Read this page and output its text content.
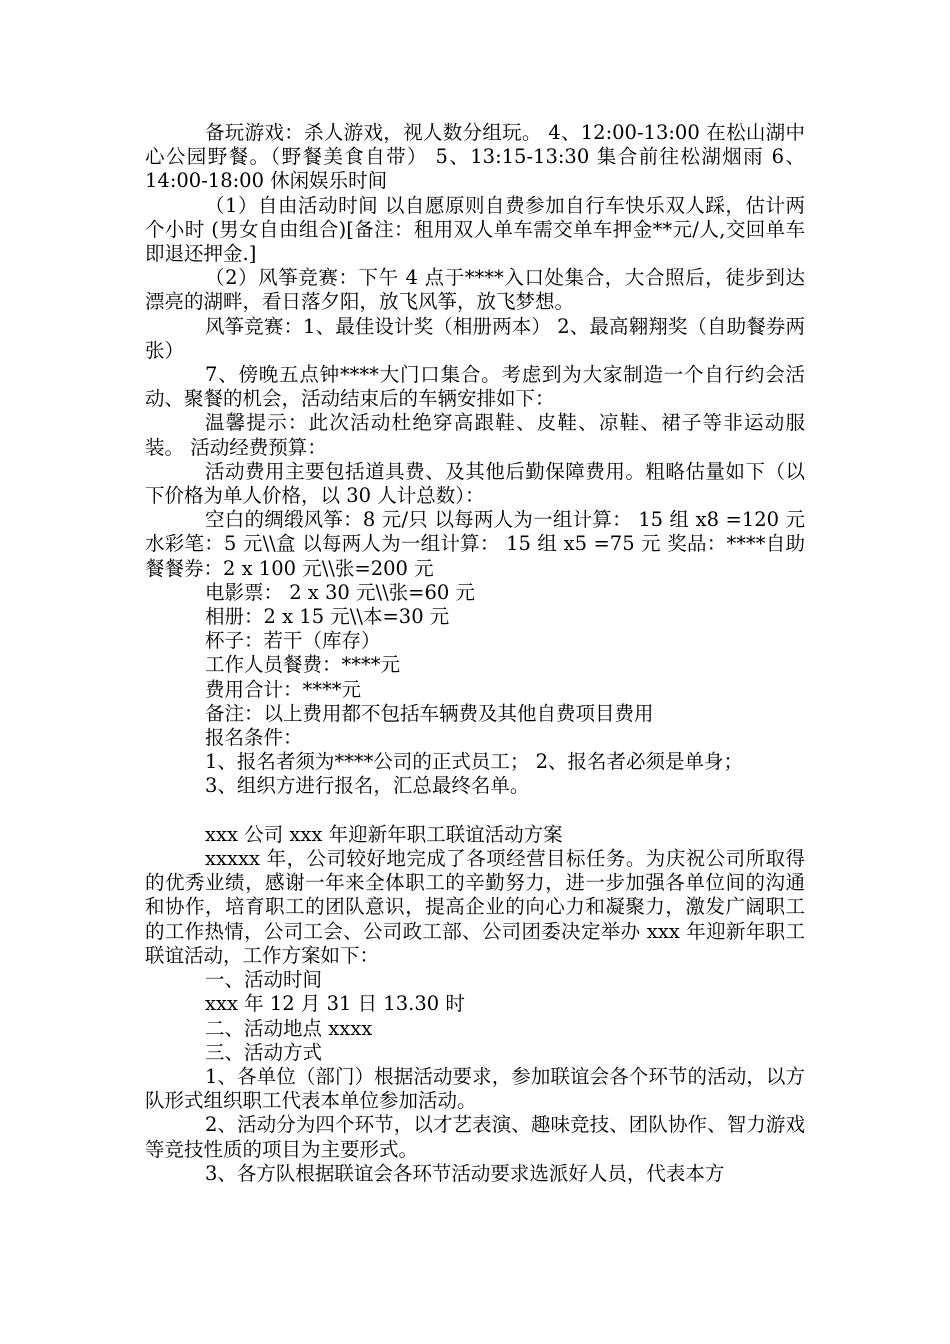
备玩游戏：杀人游戏，视人数分组玩。 4、12:00-13:00 在松山湖中心公园野餐。（野餐美食自带） 5、13:15-13:30 集合前往松湖烟雨 6、14:00-18:00 休闲娱乐时间

（1）自由活动时间 以自愿原则自费参加自行车快乐双人踩，估计两个小时 (男女自由组合)[备注：租用双人单车需交单车押金**元/人,交回单车即退还押金.]

（2）风筝竞赛：下午 4 点于****入口处集合，大合照后，徒步到达漂亮的湖畔，看日落夕阳，放飞风筝，放飞梦想。

风筝竞赛：1、最佳设计奖（相册两本） 2、最高翱翔奖（自助餐券两张）

7、傍晚五点钟****大门口集合。考虑到为大家制造一个自行约会活动、聚餐的机会，活动结束后的车辆安排如下：

温馨提示：此次活动杜绝穿高跟鞋、皮鞋、凉鞋、裙子等非运动服装。 活动经费预算：

活动费用主要包括道具费、及其他后勤保障费用。粗略估量如下（以下价格为单人价格，以 30 人计总数）：

空白的绸缎风筝：8 元/只 以每两人为一组计算： 15 组 x8 =120 元 水彩笔：5 元\\盒 以每两人为一组计算： 15 组 x5 =75 元 奖品：****自助餐餐券：2 x 100 元\\张=200 元

电影票： 2 x 30 元\\张=60 元

相册：2 x 15 元\\本=30 元

杯子：若干（库存）

工作人员餐费：****元

费用合计：****元

备注：以上费用都不包括车辆费及其他自费项目费用

报名条件：

1、报名者须为****公司的正式员工； 2、报名者必须是单身；

3、组织方进行报名，汇总最终名单。

xxx 公司 xxx 年迎新年职工联谊活动方案

xxxxx 年，公司较好地完成了各项经营目标任务。为庆祝公司所取得的优秀业绩，感谢一年来全体职工的辛勤努力，进一步加强各单位间的沟通和协作，培育职工的团队意识，提高企业的向心力和凝聚力，激发广阔职工的工作热情，公司工会、公司政工部、公司团委决定举办 xxx 年迎新年职工联谊活动，工作方案如下：

一、活动时间

xxx 年 12 月 31 日 13.30 时

二、活动地点 xxxx

三、活动方式

1、各单位（部门）根据活动要求，参加联谊会各个环节的活动，以方队形式组织职工代表本单位参加活动。

2、活动分为四个环节，以才艺表演、趣味竞技、团队协作、智力游戏等竞技性质的项目为主要形式。

3、各方队根据联谊会各环节活动要求选派好人员，代表本方
